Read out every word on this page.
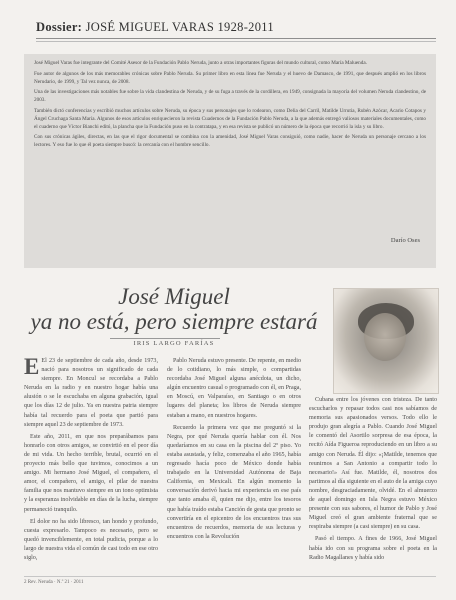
Dossier: JOSÉ MIGUEL VARAS 1928-2011

José Miguel Varas fue integrante del Comité Asesor de la Fundación Pablo Neruda, junto a otras importantes figuras del mundo cultural, como María Maluenda.

Fue autor de algunos de los más memorables crónicas sobre Pablo Neruda. Su primer libro en esta línea fue Neruda y el huevo de Damasco, de 1991, que después amplió en los libros Nerudario, de 1999, y Tal vez nunca, de 2008.

Una de las investigaciones más notables fue sobre la vida clandestina de Neruda, y de su fuga a través de la cordillera, en 1949, consignada la mayoría del volumen Neruda clandestino, de 2003.

También dictó conferencias y escribió muchos artículos sobre Neruda, su época y sus personajes que lo rodearon, como Delia del Carril, Matilde Urrutia, Rubén Azócar, Acario Cotapos y Ángel Cruchaga Santa María. Algunos de esos artículos enriquecieron la revista Cuadernos de la Fundación Pablo Neruda, a la que además entregó valiosos materiales documentales, como el cuaderno que Víctor Bianchi editó, la plancha que la Fundación puso en la contratapa, y en esa revista se publicó un número de la época que recorrió la isla y su libro.

Con sus crónicas ágiles, directas, en las que el rigor documental se combina con la amenidad, José Miguel Varas consiguió, como nadie, hacer de Neruda un personaje cercano a los lectores. Y eso fue lo que él poeta siempre buscó: la cercanía con el hombre sencillo.

Darío Oses
José Miguel
ya no está, pero siempre estará
IRIS LARGO FARÍAS

E El 23 de septiembre de cada año, desde 1973, nació para nosotros un significado de cada siempre. En Moncul se recordaba a Pablo Neruda en la radio y en nuestro hogar había una alusión o se le escuchaba en alguna grabación, igual que los días 12 de julio. Ya en nuestra patria siempre había tal recuerdo para el poeta que partió para siempre aquel 23 de septiembre de 1973.

Este año, 2011, en que nos preparábamos para honrarlo con otros amigos, se convirtió en el peor día de mi vida. Un hecho terrible, brutal, ocurrió en el proyecto más bello que tuvimos, conocimos a un amigo. Mi hermano José Miguel, el compañero, el amor, el compañero, el amigo, el pilar de nuestra familia que nos mantuvo siempre en un tono optimista y la esperanza inolvidable en días de la lucha, siempre permaneció tranquilo.

El dolor no ha sido libresco, tan hondo y profundo, cuesta expresarlo. Tampoco es necesario, pero se quedó invenciblemente, en total pudicia, porque a lo largo de nuestra vida el común de casi todo en ese otro siglo,

Pablo Neruda estuvo presente. De repente, en medio de lo cotidiano, lo más simple, o compartidas recordaba José Miguel alguna anécdota, un dicho, algún encuentro casual o programado con él, en Praga, en Moscú, en Valparaíso, en Santiago o en otros lugares del planeta; los libros de Neruda siempre estaban a mano, en nuestros hogares.

Recuerdo la primera vez que me preguntó si la Negra, por qué Neruda quería hablar con él. Nos quedaríamos en su casa en la piscina del 2º piso. Yo estaba asustada, y feliz, comenzaba el año 1965, había regresado hacía poco de México donde había trabajado en la Universidad Autónoma de Baja California, en Mexicali. En algún momento la conversación derivó hacia mi experiencia en ese país que tanto amaba él, quien me dijo, entre los tesoros que había traído estaba Canción de gesta que pronto se convertiría en el epicentro de los encuentros tras sus encuentros de recuerdos, memoria de sus lecturas y encuentros con la Revolución

Cubana entre los jóvenes con tristeza. De tanto escucharlos y repasar todos casi nos sabíamos de memoria sus apasionados versos. Todo ello le produjo gran alegría a Pablo. Cuando José Miguel le comentó del Asortilo sorpresa de esa época, la recitó Aída Figueroa reproduciendo en un libro a su amigo con Neruda. Él dijo: «¡Matilde, tenemos que reunirnos a San Antonio a compartir todo lo necesario!» Así fue. Matilde, él, nosotros dos partimos al día siguiente en el auto de la amiga cuyo nombre, desgraciadamente, olvidé. En el almuerzo de aquel domingo en Isla Negra estuvo México presente con sus sabores, el humor de Pablo y José Miguel creó el gran ambiente fraternal que se respiraba siempre (a casi siempre) en su casa.

Pasó el tiempo. A fines de 1966, José Miguel había ido con su programa sobre el poeta en la Radio Magallanes y había sido

2 Rev. Neruda · N.º 21 · 2011
